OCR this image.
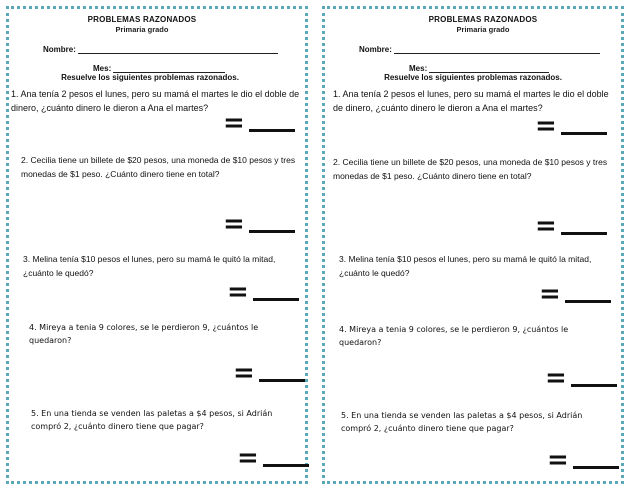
PROBLEMAS RAZONADOS
Primaria grado
Nombre:
Mes:
Resuelve los siguientes problemas razonados.
1. Ana tenía 2 pesos el lunes, pero su mamá el martes le dio el doble de dinero, ¿cuánto dinero le dieron a Ana el martes? =
2. Cecilia tiene un billete de $20 pesos, una moneda de $10 pesos y tres monedas de $1 peso. ¿Cuánto dinero tiene en total?
=
3. Melina tenía $10 pesos el lunes, pero su mamá le quitó la mitad, ¿cuánto le quedó?
=
4. Mireya a tenia 9 colores, se le perdieron 9, ¿cuántos le quedaron?
=
5. En una tienda se venden las paletas a $4 pesos, si Adrián compró 2, ¿cuánto dinero tiene que pagar?
=
PROBLEMAS RAZONADOS
Primaria grado
Nombre:
Mes:
Resuelve los siguientes problemas razonados.
1. Ana tenía 2 pesos el lunes, pero su mamá el martes le dio el doble de dinero, ¿cuánto dinero le dieron a Ana el martes?
=
2. Cecilia tiene un billete de $20 pesos, una moneda de $10 pesos y tres monedas de $1 peso. ¿Cuánto dinero tiene en total?
=
3. Melina tenía $10 pesos el lunes, pero su mamá le quitó la mitad, ¿cuánto le quedó?
=
4. Mireya a tenia 9 colores, se le perdieron 9, ¿cuántos le quedaron?
=
5. En una tienda se venden las paletas a $4 pesos, si Adrián compró 2, ¿cuánto dinero tiene que pagar?
=
